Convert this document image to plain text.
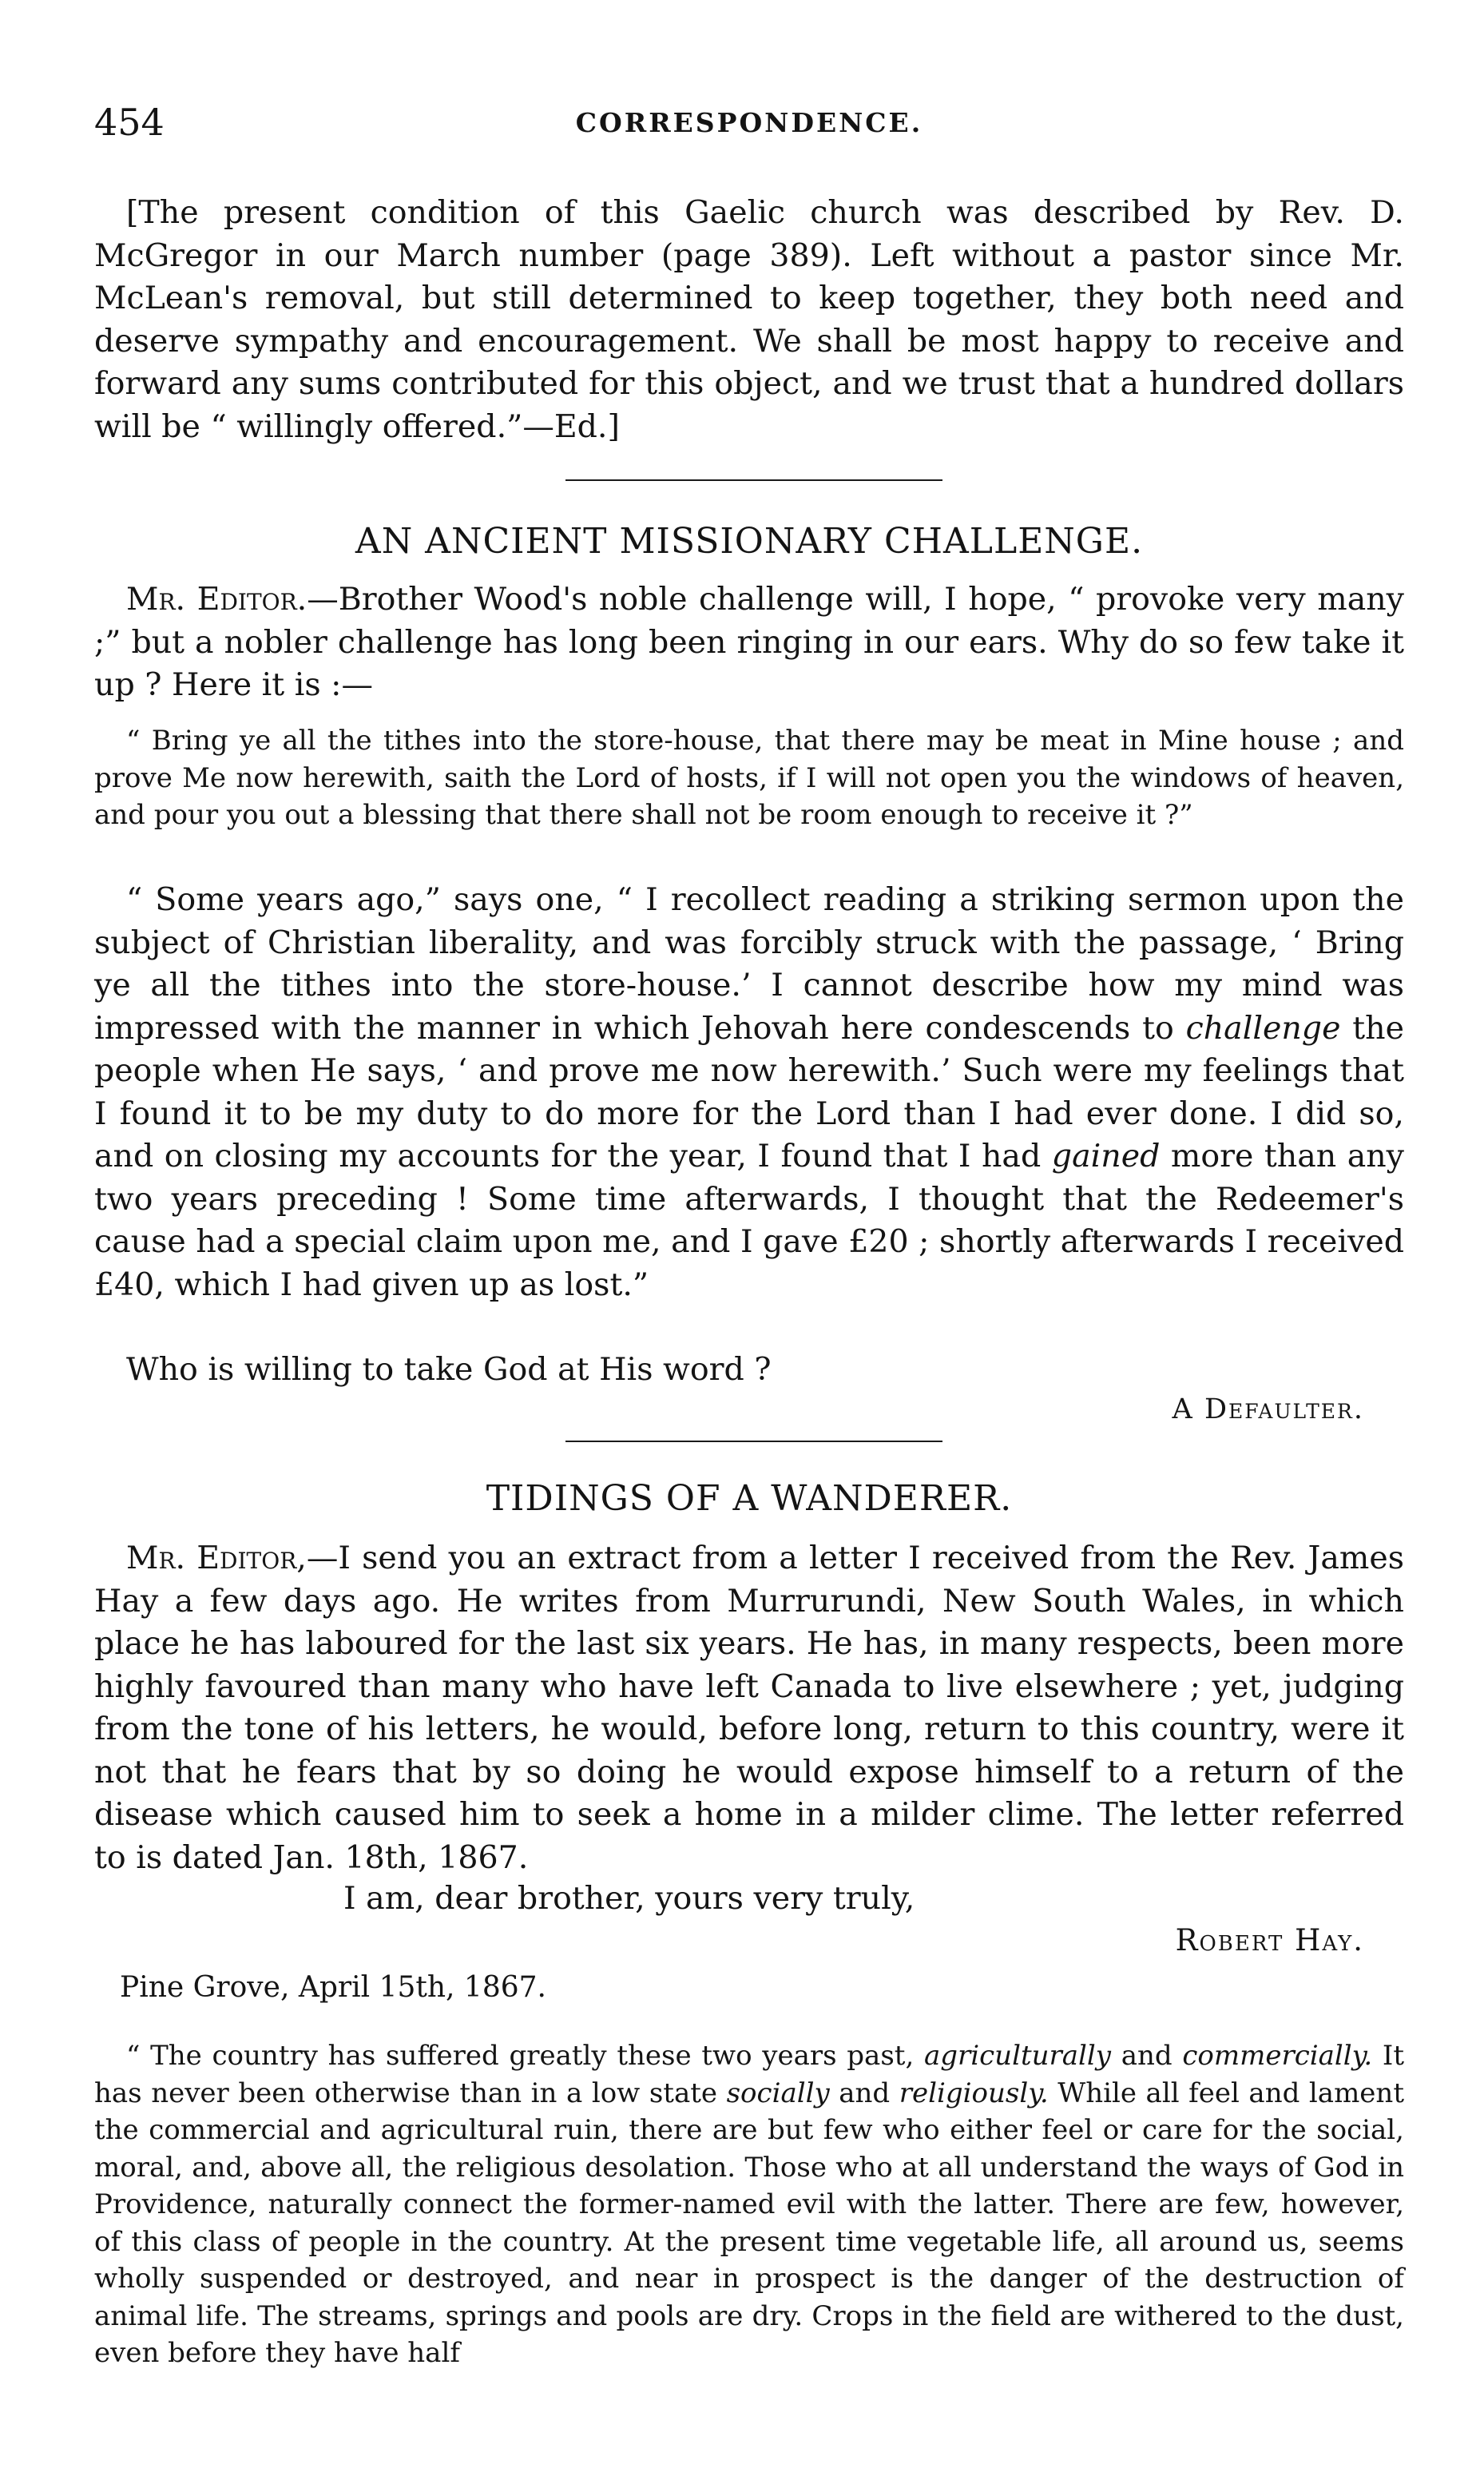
454	CORRESPONDENCE.
[The present condition of this Gaelic church was described by Rev. D. McGregor in our March number (page 389). Left without a pastor since Mr. McLean's removal, but still determined to keep together, they both need and deserve sympathy and encouragement. We shall be most happy to receive and forward any sums contributed for this object, and we trust that a hundred dollars will be “ willingly offered.”—Ed.]
AN ANCIENT MISSIONARY CHALLENGE.
Mr. Editor.—Brother Wood's noble challenge will, I hope, “ provoke very many ;” but a nobler challenge has long been ringing in our ears. Why do so few take it up ? Here it is :—
“ Bring ye all the tithes into the store-house, that there may be meat in Mine house ; and prove Me now herewith, saith the Lord of hosts, if I will not open you the windows of heaven, and pour you out a blessing that there shall not be room enough to receive it ?”
“ Some years ago,” says one, “ I recollect reading a striking sermon upon the subject of Christian liberality, and was forcibly struck with the passage, ‘ Bring ye all the tithes into the store-house.’ I cannot describe how my mind was impressed with the manner in which Jehovah here condescends to challenge the people when He says, ‘ and prove me now herewith.’ Such were my feelings that I found it to be my duty to do more for the Lord than I had ever done. I did so, and on closing my accounts for the year, I found that I had gained more than any two years preceding ! Some time afterwards, I thought that the Redeemer's cause had a special claim upon me, and I gave £20 ; shortly afterwards I received £40, which I had given up as lost.”
Who is willing to take God at His word ?
A Defaulter.
TIDINGS OF A WANDERER.
Mr. Editor,—I send you an extract from a letter I received from the Rev. James Hay a few days ago. He writes from Murrurundi, New South Wales, in which place he has laboured for the last six years. He has, in many respects, been more highly favoured than many who have left Canada to live elsewhere ; yet, judging from the tone of his letters, he would, before long, return to this country, were it not that he fears that by so doing he would expose himself to a return of the disease which caused him to seek a home in a milder clime. The letter referred to is dated Jan. 18th, 1867.
I am, dear brother, yours very truly,
Robert Hay.
Pine Grove, April 15th, 1867.
“ The country has suffered greatly these two years past, agriculturally and commercially. It has never been otherwise than in a low state socially and religiously. While all feel and lament the commercial and agricultural ruin, there are but few who either feel or care for the social, moral, and, above all, the religious desolation. Those who at all understand the ways of God in Providence, naturally connect the former-named evil with the latter. There are few, however, of this class of people in the country. At the present time vegetable life, all around us, seems wholly suspended or destroyed, and near in prospect is the danger of the destruction of animal life. The streams, springs and pools are dry. Crops in the field are withered to the dust, even before they have half
